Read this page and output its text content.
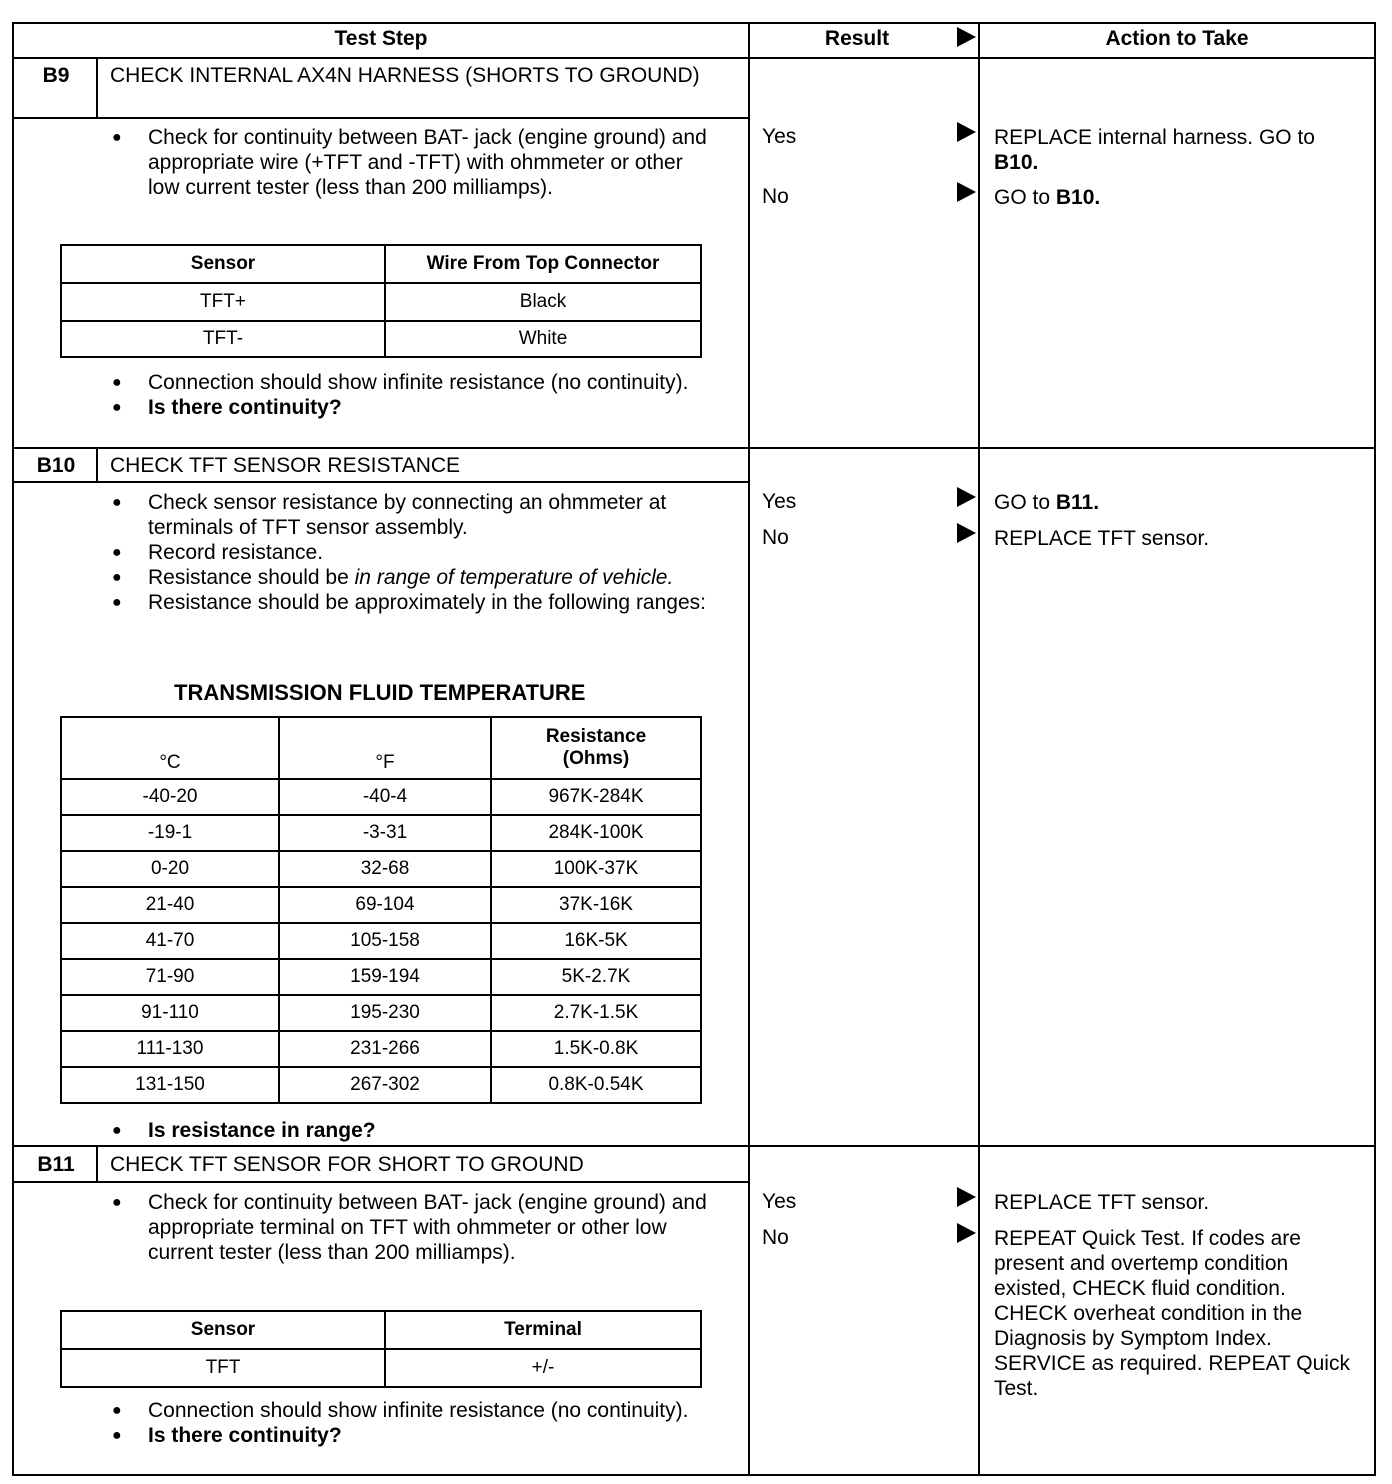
Test Step	Result	Action to Take
B9	CHECK INTERNAL AX4N HARNESS (SHORTS TO GROUND)
● Check for continuity between BAT- jack (engine ground) and appropriate wire (+TFT and -TFT) with ohmmeter or other low current tester (less than 200 milliamps).
Sensor	Wire From Top Connector
TFT+	Black
TFT-	White
● Connection should show infinite resistance (no continuity).
● Is there continuity?
Yes	REPLACE internal harness. GO to B10.
No	GO to B10.
B10	CHECK TFT SENSOR RESISTANCE
● Check sensor resistance by connecting an ohmmeter at terminals of TFT sensor assembly.
● Record resistance.
● Resistance should be in range of temperature of vehicle.
● Resistance should be approximately in the following ranges:
TRANSMISSION FLUID TEMPERATURE
°C	°F	Resistance (Ohms)
-40-20	-40-4	967K-284K
-19-1	-3-31	284K-100K
0-20	32-68	100K-37K
21-40	69-104	37K-16K
41-70	105-158	16K-5K
71-90	159-194	5K-2.7K
91-110	195-230	2.7K-1.5K
111-130	231-266	1.5K-0.8K
131-150	267-302	0.8K-0.54K
● Is resistance in range?
Yes	GO to B11.
No	REPLACE TFT sensor.
B11	CHECK TFT SENSOR FOR SHORT TO GROUND
● Check for continuity between BAT- jack (engine ground) and appropriate terminal on TFT with ohmmeter or other low current tester (less than 200 milliamps).
Sensor	Terminal
TFT	+/-
● Connection should show infinite resistance (no continuity).
● Is there continuity?
Yes	REPLACE TFT sensor.
No	REPEAT Quick Test. If codes are present and overtemp condition existed, CHECK fluid condition. CHECK overheat condition in the Diagnosis by Symptom Index. SERVICE as required. REPEAT Quick Test.
